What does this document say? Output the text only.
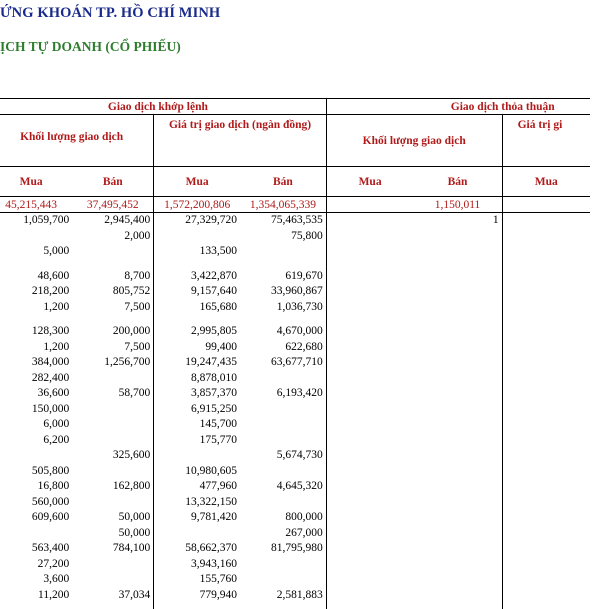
ỨNG KHOÁN TP. HỒ CHÍ MINH
ỊCH TỰ DOANH (CỔ PHIẾU)
Giao dịch khớp lệnh				Giao dịch thỏa thuận		
Khối lượng giao dịch		Giá trị giao dịch (ngàn đồng)		Khối lượng giao dịch		Giá trị gi
Mua	Bán	Mua	Bán	Mua	Bán	Mua
45,215,443	37,495,452	1,572,200,806	1,354,065,339		1,150,011	
1,059,700	2,945,400	27,329,720	75,463,535		1	
	2,000		75,800			
5,000		133,500				

48,600	8,700	3,422,870	619,670			
218,200	805,752	9,157,640	33,960,867			
1,200	7,500	165,680	1,036,730			

128,300	200,000	2,995,805	4,670,000			
1,200	7,500	99,400	622,680			
384,000	1,256,700	19,247,435	63,677,710			
282,400		8,878,010				
36,600	58,700	3,857,370	6,193,420			
150,000		6,915,250				
6,000		145,700				
6,200		175,770				
	325,600		5,674,730			
505,800		10,980,605				
16,800	162,800	477,960	4,645,320			
560,000		13,322,150				
609,600	50,000	9,781,420	800,000			
	50,000		267,000			
563,400	784,100	58,662,370	81,795,980			
27,200		3,943,160				
3,600		155,760				
11,200	37,034	779,940	2,581,883			
